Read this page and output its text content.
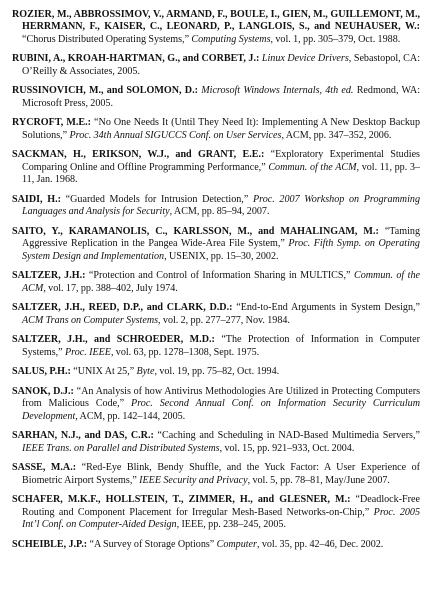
ROZIER, M., ABBROSSIMOV, V., ARMAND, F., BOULE, I., GIEN, M., GUILLEMONT, M., HERRMANN, F., KAISER, C., LEONARD, P., LANGLOIS, S., and NEUHAUSER, W.: “Chorus Distributed Operating Systems,” Computing Systems, vol. 1, pp. 305–379, Oct. 1988.

RUBINI, A., KROAH-HARTMAN, G., and CORBET, J.: Linux Device Drivers, Sebastopol, CA: O’Reilly & Associates, 2005.

RUSSINOVICH, M., and SOLOMON, D.: Microsoft Windows Internals, 4th ed. Redmond, WA: Microsoft Press, 2005.

RYCROFT, M.E.: “No One Needs It (Until They Need It): Implementing A New Desktop Backup Solutions,” Proc. 34th Annual SIGUCCS Conf. on User Services, ACM, pp. 347–352, 2006.

SACKMAN, H., ERIKSON, W.J., and GRANT, E.E.: “Exploratory Experimental Studies Comparing Online and Offline Programming Performance,” Commun. of the ACM, vol. 11, pp. 3–11, Jan. 1968.

SAIDI, H.: “Guarded Models for Intrusion Detection,” Proc. 2007 Workshop on Programming Languages and Analysis for Security, ACM, pp. 85–94, 2007.

SAITO, Y., KARAMANOLIS, C., KARLSSON, M., and MAHALINGAM, M.: “Taming Aggressive Replication in the Pangea Wide-Area File System,” Proc. Fifth Symp. on Operating System Design and Implementation, USENIX, pp. 15–30, 2002.

SALTZER, J.H.: “Protection and Control of Information Sharing in MULTICS,” Commun. of the ACM, vol. 17, pp. 388–402, July 1974.

SALTZER, J.H., REED, D.P., and CLARK, D.D.: “End-to-End Arguments in System Design,” ACM Trans on Computer Systems, vol. 2, pp. 277–277, Nov. 1984.

SALTZER, J.H., and SCHROEDER, M.D.: “The Protection of Information in Computer Systems,” Proc. IEEE, vol. 63, pp. 1278–1308, Sept. 1975.

SALUS, P.H.: “UNIX At 25,” Byte, vol. 19, pp. 75–82, Oct. 1994.

SANOK, D.J.: “An Analysis of how Antivirus Methodologies Are Utilized in Protecting Computers from Malicious Code,” Proc. Second Annual Conf. on Information Security Curriculum Development, ACM, pp. 142–144, 2005.

SARHAN, N.J., and DAS, C.R.: “Caching and Scheduling in NAD-Based Multimedia Servers,” IEEE Trans. on Parallel and Distributed Systems, vol. 15, pp. 921–933, Oct. 2004.

SASSE, M.A.: “Red-Eye Blink, Bendy Shuffle, and the Yuck Factor: A User Experience of Biometric Airport Systems,” IEEE Security and Privacy, vol. 5, pp. 78–81, May/June 2007.

SCHAFER, M.K.F., HOLLSTEIN, T., ZIMMER, H., and GLESNER, M.: “Deadlock-Free Routing and Component Placement for Irregular Mesh-Based Networks-on-Chip,” Proc. 2005 Int’l Conf. on Computer-Aided Design, IEEE, pp. 238–245, 2005.

SCHEIBLE, J.P.: “A Survey of Storage Options” Computer, vol. 35, pp. 42–46, Dec. 2002.
